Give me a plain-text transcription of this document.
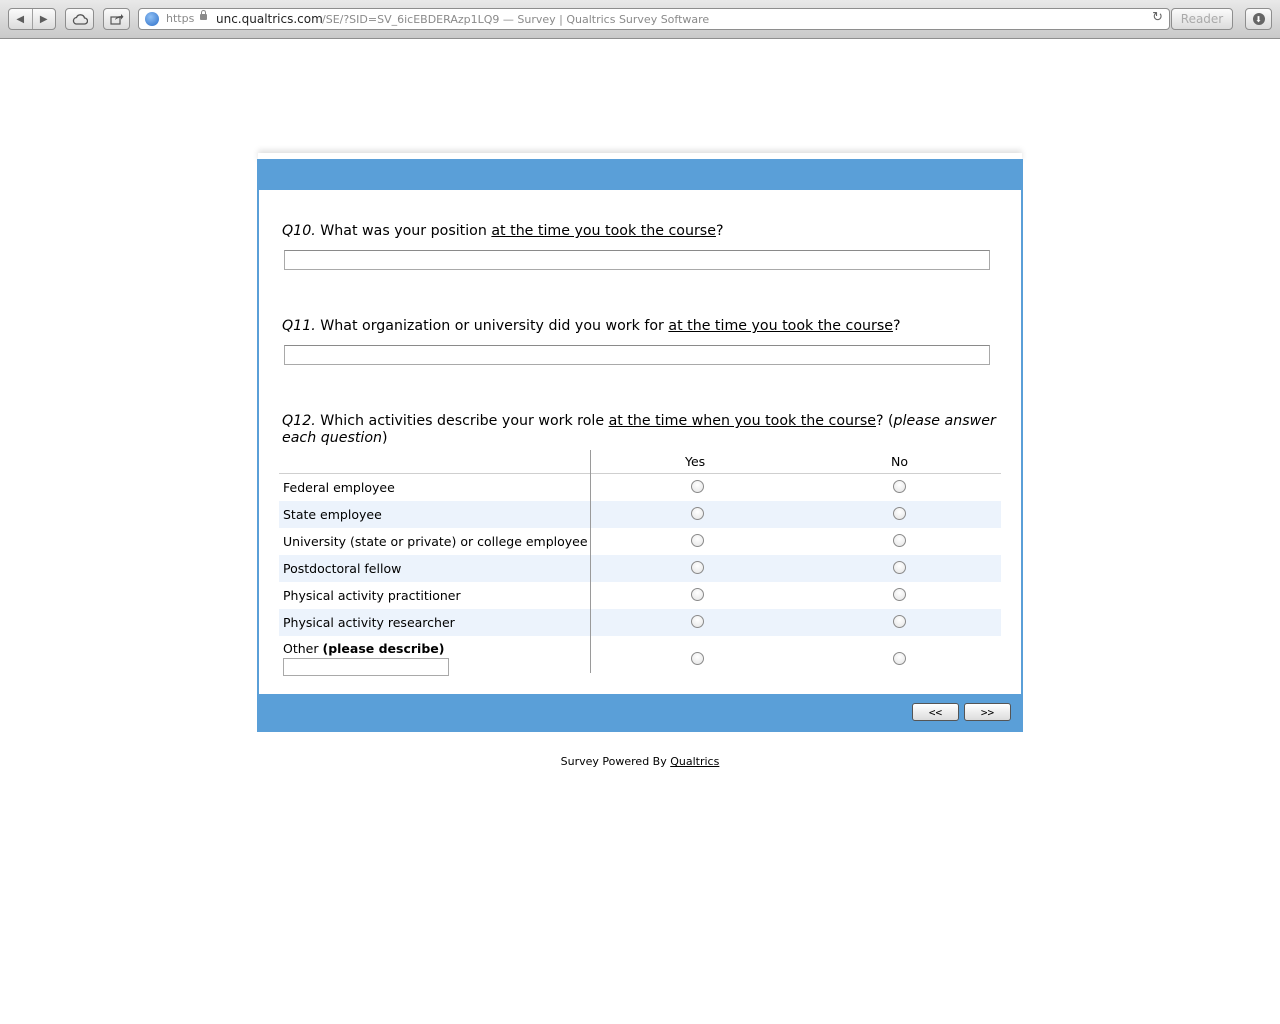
◀	▶	https unc.qualtrics.com /SE/?SID=SV_6icEBDERAzp1LQ9 — Survey | Qualtrics Survey Software	↻	Reader	⬇
Q10. What was your position at the time you took the course?
Q11. What organization or university did you work for at the time you took the course?
Q12. Which activities describe your work role at the time when you took the course? (please answer each question)
Yes	No
Federal employee
State employee
University (state or private) or college employee
Postdoctoral fellow
Physical activity practitioner
Physical activity researcher
Other (please describe)
<<	>>
Survey Powered By Qualtrics
